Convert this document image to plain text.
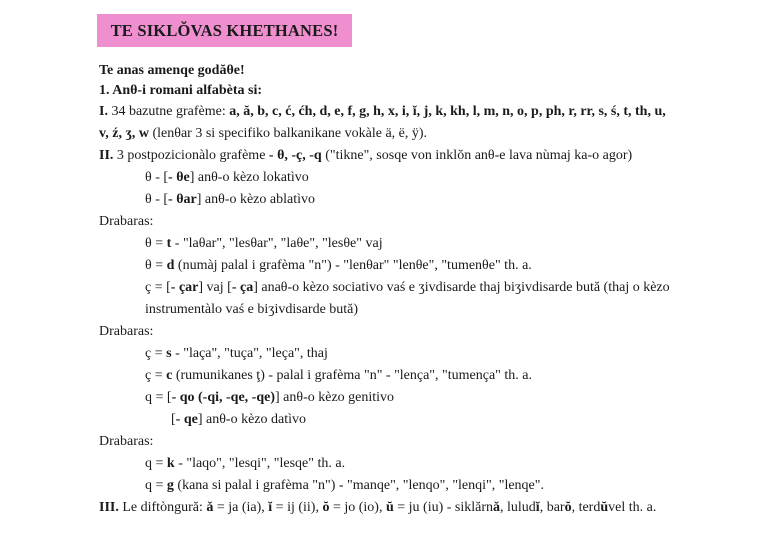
TE SIKLŎVAS KHETHANES!
Te anas amenqe godăθe!
1. Anθ-i romani alfabèta si:
I. 34 bazutne grafème: a, ă, b, c, ć, ćh, d, e, f, g, h, x, i, ĭ, j, k, kh, l, m, n, o, p, ph, r, rr, s, ś, t, th, u,
v, ź, ʒ, w (lenθar 3 si specifiko balkanikane vokàle ä, ë, ÿ).
II. 3 postpozicionàlo grafème - θ, -ç, -q ("tikne", sosqe von inklŏn anθ-e lava nùmaj ka-o agor)
θ - [- θe] anθ-o kèzo lokatìvo
θ - [- θar] anθ-o kèzo ablatìvo
Drabaras:
θ = t - "laθar", "lesθar", "laθe", "lesθe" vaj
θ = d (numàj palal i grafèma "n") - "lenθar" "lenθe", "tumenθe" th. a.
ç = [- çar] vaj [- ça] anaθ-o kèzo sociativo vaś e ʒivdisarde thaj biʒivdisarde bută (thaj o kèzo
instrumentàlo vaś e biʒivdisarde bută)
Drabaras:
ç = s - "laça", "tuça", "leça", thaj
ç = c (rumunikanes ţ) - palal i grafèma "n" - "lença", "tumença" th. a.
q = [- qo (-qi, -qe, -qe)] anθ-o kèzo genitivo
[- qe] anθ-o kèzo datìvo
Drabaras:
q = k - "laqo", "lesqi", "lesqe" th. a.
q = g (kana si palal i grafèma "n") - "manqe", "lenqo", "lenqi", "lenqe".
III. Le diftòngură: ǎ = ja (ia), ĭ = ij (ii), ŏ = jo (io), ŭ = ju (iu) - siklărnǎ, luludĭ, barŏ, terdŭvel th. a.
